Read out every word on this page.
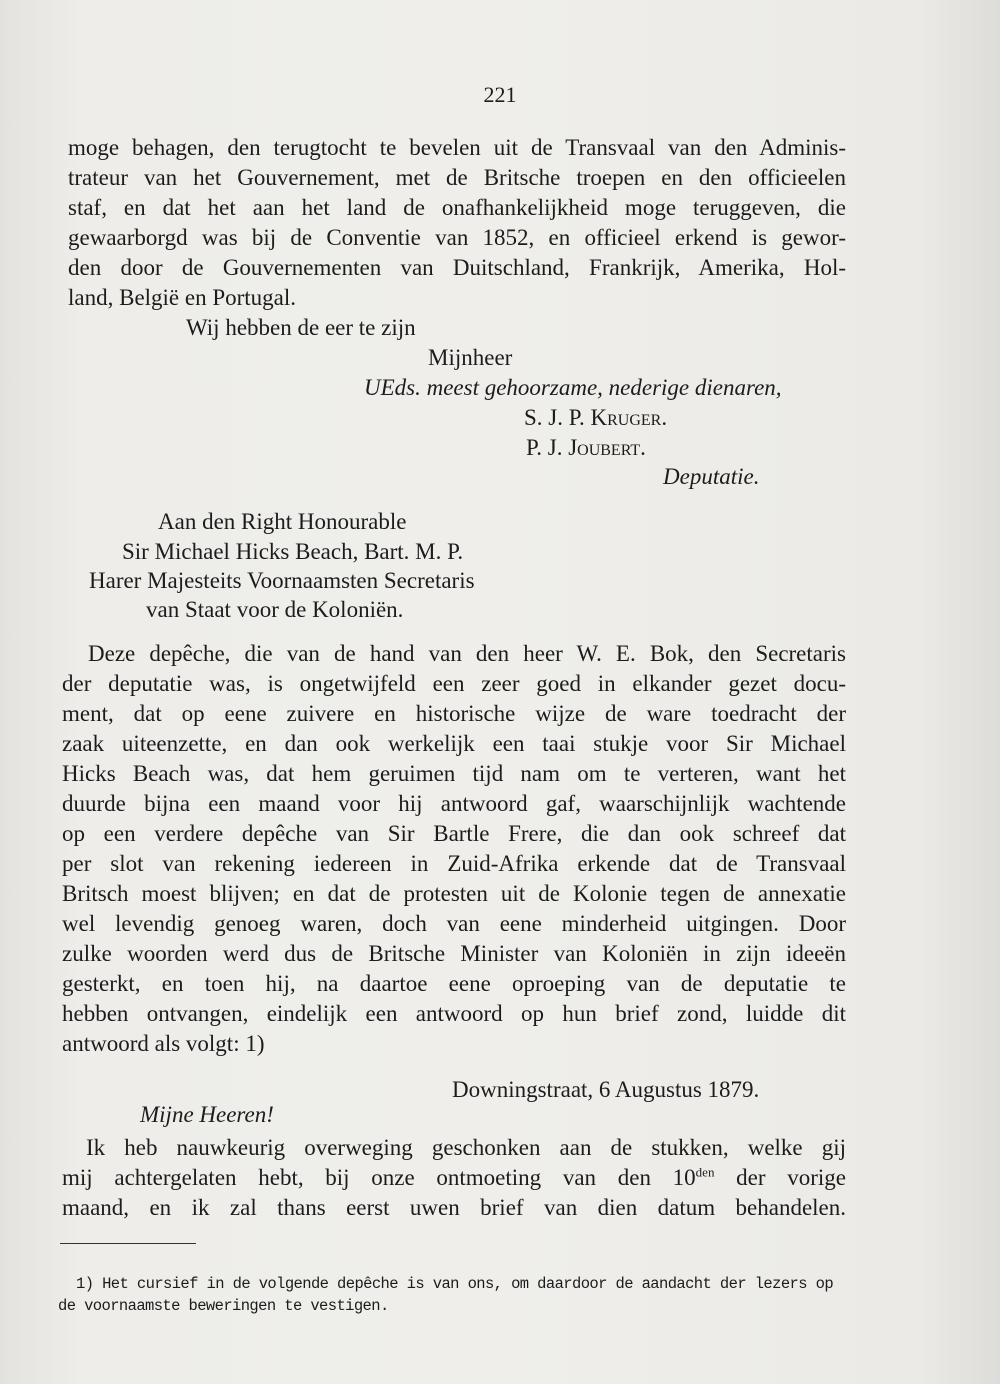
221
moge behagen, den terugtocht te bevelen uit de Transvaal van den Adminis-
trateur van het Gouvernement, met de Britsche troepen en den officieelen
staf, en dat het aan het land de onafhankelijkheid moge teruggeven, die
gewaarborgd was bij de Conventie van 1852, en officieel erkend is gewor-
den door de Gouvernementen van Duitschland, Frankrijk, Amerika, Hol-
land, België en Portugal.
Wij hebben de eer te zijn
Mijnheer
UEds. meest gehoorzame, nederige dienaren,
S. J. P. Kruger.
P. J. Joubert.
Deputatie.
Aan den Right Honourable
Sir Michael Hicks Beach, Bart. M. P.
Harer Majesteits Voornaamsten Secretaris
van Staat voor de Koloniën.
Deze depêche, die van de hand van den heer W. E. Bok, den Secretaris
der deputatie was, is ongetwijfeld een zeer goed in elkander gezet docu-
ment, dat op eene zuivere en historische wijze de ware toedracht der
zaak uiteenzette, en dan ook werkelijk een taai stukje voor Sir Michael
Hicks Beach was, dat hem geruimen tijd nam om te verteren, want het
duurde bijna een maand voor hij antwoord gaf, waarschijnlijk wachtende
op een verdere depêche van Sir Bartle Frere, die dan ook schreef dat
per slot van rekening iedereen in Zuid-Afrika erkende dat de Transvaal
Britsch moest blijven; en dat de protesten uit de Kolonie tegen de annexatie
wel levendig genoeg waren, doch van eene minderheid uitgingen. Door
zulke woorden werd dus de Britsche Minister van Koloniën in zijn ideeën
gesterkt, en toen hij, na daartoe eene oproeping van de deputatie te
hebben ontvangen, eindelijk een antwoord op hun brief zond, luidde dit
antwoord als volgt: 1)
Downingstraat, 6 Augustus 1879.
Mijne Heeren!
Ik heb nauwkeurig overweging geschonken aan de stukken, welke gij
mij achtergelaten hebt, bij onze ontmoeting van den $10^{den}$ der vorige
maand, en ik zal thans eerst uwen brief van dien datum behandelen.
1) Het cursief in de volgende depêche is van ons, om daardoor de aandacht der lezers op
de voornaamste beweringen te vestigen.
